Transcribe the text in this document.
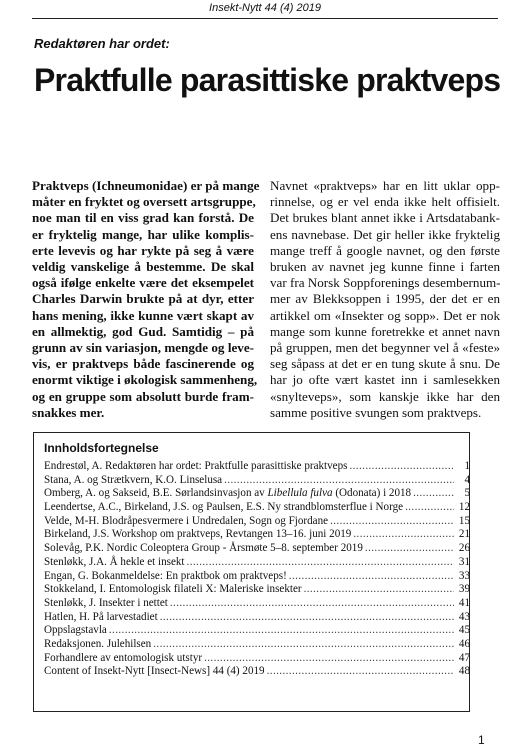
Insekt-Nytt 44 (4) 2019
Redaktøren har ordet:
Praktfulle parasittiske praktveps
Praktveps (Ichneumonidae) er på mange
måter en fryktet og oversett artsgruppe,
noe man til en viss grad kan forstå. De
er fryktelig mange, har ulike komplis-
erte levevis og har rykte på seg å være
veldig vanskelige å bestemme. De skal
også ifølge enkelte være det eksempelet
Charles Darwin brukte på at dyr, etter
hans mening, ikke kunne vært skapt av
en allmektig, god Gud. Samtidig – på
grunn av sin variasjon, mengde og leve-
vis, er praktveps både fascinerende og
enormt viktige i økologisk sammenheng,
og en gruppe som absolutt burde fram-
snakkes mer.
Navnet «praktveps» har en litt uklar opp-
rinnelse, og er vel enda ikke helt offisielt.
Det brukes blant annet ikke i Artsdatabank-
ens navnebase. Det gir heller ikke fryktelig
mange treff å google navnet, og den første
bruken av navnet jeg kunne finne i farten
var fra Norsk Soppforenings desembernum-
mer av Blekksoppen i 1995, der det er en
artikkel om «Insekter og sopp». Det er nok
mange som kunne foretrekke et annet navn
på gruppen, men det begynner vel å «feste»
seg såpass at det er en tung skute å snu. De
har jo ofte vært kastet inn i samlesekken
«snylteveps», som kanskje ikke har den
samme positive svungen som praktveps.
Innholdsfortegnelse
Endrestøl, A. Redaktøren har ordet: Praktfulle parasittiske praktveps .....	1
Stana, A. og Strætkvern, K.O. Linselusa .....	4
Omberg, A. og Sakseid, B.E. Sørlandsinvasjon av Libellula fulva (Odonata) i 2018 .....	5
Leendertse, A.C., Birkeland, J.S. og Paulsen, E.S. Ny strandblomsterflue i Norge .....	12
Velde, M-H. Blodråpesvermere i Undredalen, Sogn og Fjordane .....	15
Birkeland, J.S. Workshop om praktveps, Revtangen 13–16. juni 2019 .....	21
Solevåg, P.K. Nordic Coleoptera Group - Årsmøte 5–8. september 2019 .....	26
Stenløkk, J.A. Å hekle et insekt .....	31
Engan, G. Bokanmeldelse: En praktbok om praktveps! .....	33
Stokkeland, I. Entomologisk filateli X: Maleriske insekter .....	39
Stenløkk, J. Insekter i nettet .....	41
Hatlen, H. På larvestadiet .....	43
Oppslagstavla .....	45
Redaksjonen. Julehilsen .....	46
Forhandlere av entomologisk utstyr .....	47
Content of Insekt-Nytt [Insect-News] 44 (4) 2019 .....	48
1
